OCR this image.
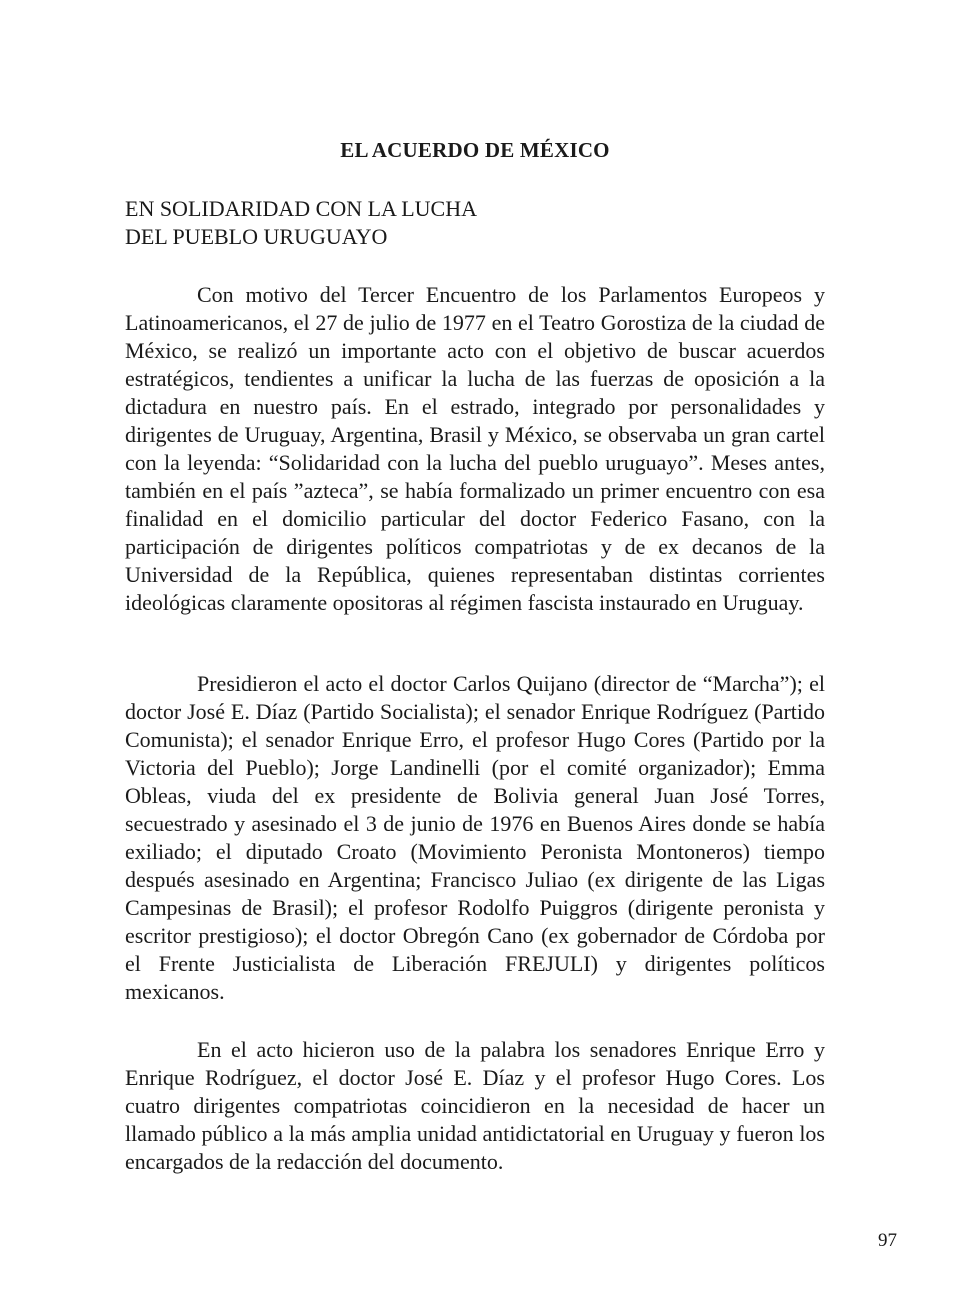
EL ACUERDO DE MÉXICO
EN SOLIDARIDAD CON LA LUCHA
DEL PUEBLO URUGUAYO

Con motivo del Tercer Encuentro de los Parlamentos Europeos y Latinoamericanos, el 27 de julio de 1977 en el Teatro Gorostiza de la ciudad de México, se realizó un importante acto con el objetivo de buscar acuerdos estratégicos, tendientes a unificar la lucha de las fuerzas de oposición a la dictadura en nuestro país. En el estrado, integrado por personalidades y dirigentes de Uruguay, Argentina, Brasil y México, se observaba un gran cartel con la leyenda: “Solidaridad con la lucha del pueblo uruguayo”. Meses antes, también en el país ”azteca”, se había formalizado un primer encuentro con esa finalidad en el domicilio particular del doctor Federico Fasano, con la participación de dirigentes políticos compatriotas y de ex decanos de la Universidad de la República, quienes representaban distintas corrientes ideológicas claramente opositoras al régimen fascista instaurado en Uruguay.

Presidieron el acto el doctor Carlos Quijano (director de “Marcha”); el doctor José E. Díaz (Partido Socialista); el senador Enrique Rodríguez (Partido Comunista); el senador Enrique Erro, el profesor Hugo Cores (Partido por la Victoria del Pueblo); Jorge Landinelli (por el comité organizador); Emma Obleas, viuda del ex presidente de Bolivia general Juan José Torres, secuestrado y asesinado el 3 de junio de 1976 en Buenos Aires donde se había exiliado; el diputado Croato (Movimiento Peronista Montoneros) tiempo después asesinado en Argentina; Francisco Juliao (ex dirigente de las Ligas Campesinas de Brasil); el profesor Rodolfo Puiggros (dirigente peronista y escritor prestigioso); el doctor Obregón Cano (ex gobernador de Córdoba por el Frente Justicialista de Liberación FREJULI) y dirigentes políticos mexicanos.

En el acto hicieron uso de la palabra los senadores Enrique Erro y Enrique Rodríguez, el doctor José E. Díaz y el profesor Hugo Cores. Los cuatro dirigentes compatriotas coincidieron en la necesidad de hacer un llamado público a la más amplia unidad antidictatorial en Uruguay y fueron los encargados de la redacción del documento.

97
